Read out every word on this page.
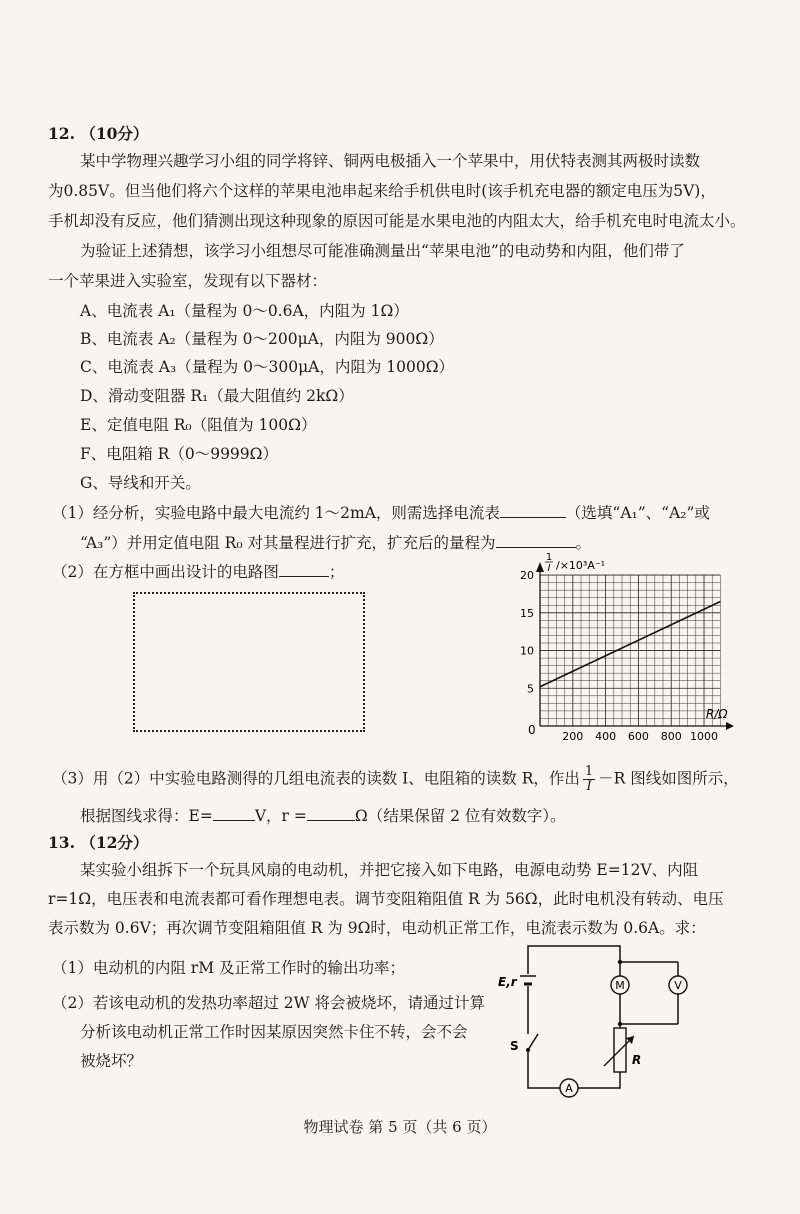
12. （10分）
某中学物理兴趣学习小组的同学将锌、铜两电极插入一个苹果中，用伏特表测其两极时读数
为0.85V。但当他们将六个这样的苹果电池串起来给手机供电时(该手机充电器的额定电压为5V)，
手机却没有反应，他们猜测出现这种现象的原因可能是水果电池的内阻太大，给手机充电时电流太小。
为验证上述猜想，该学习小组想尽可能准确测量出“苹果电池”的电动势和内阻，他们带了
一个苹果进入实验室，发现有以下器材：
A、电流表 A₁（量程为 0～0.6A，内阻为 1Ω）
B、电流表 A₂（量程为 0～200μA，内阻为 900Ω）
C、电流表 A₃（量程为 0～300μA，内阻为 1000Ω）
D、滑动变阻器 R₁（最大阻值约 2kΩ）
E、定值电阻 R₀（阻值为 100Ω）
F、电阻箱 R（0～9999Ω）
G、导线和开关。
（1）经分析，实验电路中最大电流约 1～2mA，则需选择电流表	（选填“A₁”、“A₂”或
“A₃”）并用定值电阻 R₀ 对其量程进行扩充，扩充后的量程为	。
（2）在方框中画出设计的电路图	；
1
I /×10³A⁻¹
R/Ω
0 200 400 600 800 1000
5
10
15
20
（3）用（2）中实验电路测得的几组电流表的读数 I、电阻箱的读数 R，作出 $\frac{1}{I} -R$ 图线如图所示，
根据图线求得：E=	V，r =	Ω（结果保留 2 位有效数字）。
13. （12分）
某实验小组拆下一个玩具风扇的电动机，并把它接入如下电路，电源电动势 E=12V、内阻
r=1Ω，电压表和电流表都可看作理想电表。调节变阻箱阻值 R 为 56Ω，此时电机没有转动、电压
表示数为 0.6V；再次调节变阻箱阻值 R 为 9Ω时，电动机正常工作，电流表示数为 0.6A。求：
（1）电动机的内阻 rM 及正常工作时的输出功率；
（2）若该电动机的发热功率超过 2W 将会被烧坏，请通过计算
分析该电动机正常工作时因某原因突然卡住不转，会不会
被烧坏？
E,r
S
M	V
R
A
物理试卷 第 5 页（共 6 页）
